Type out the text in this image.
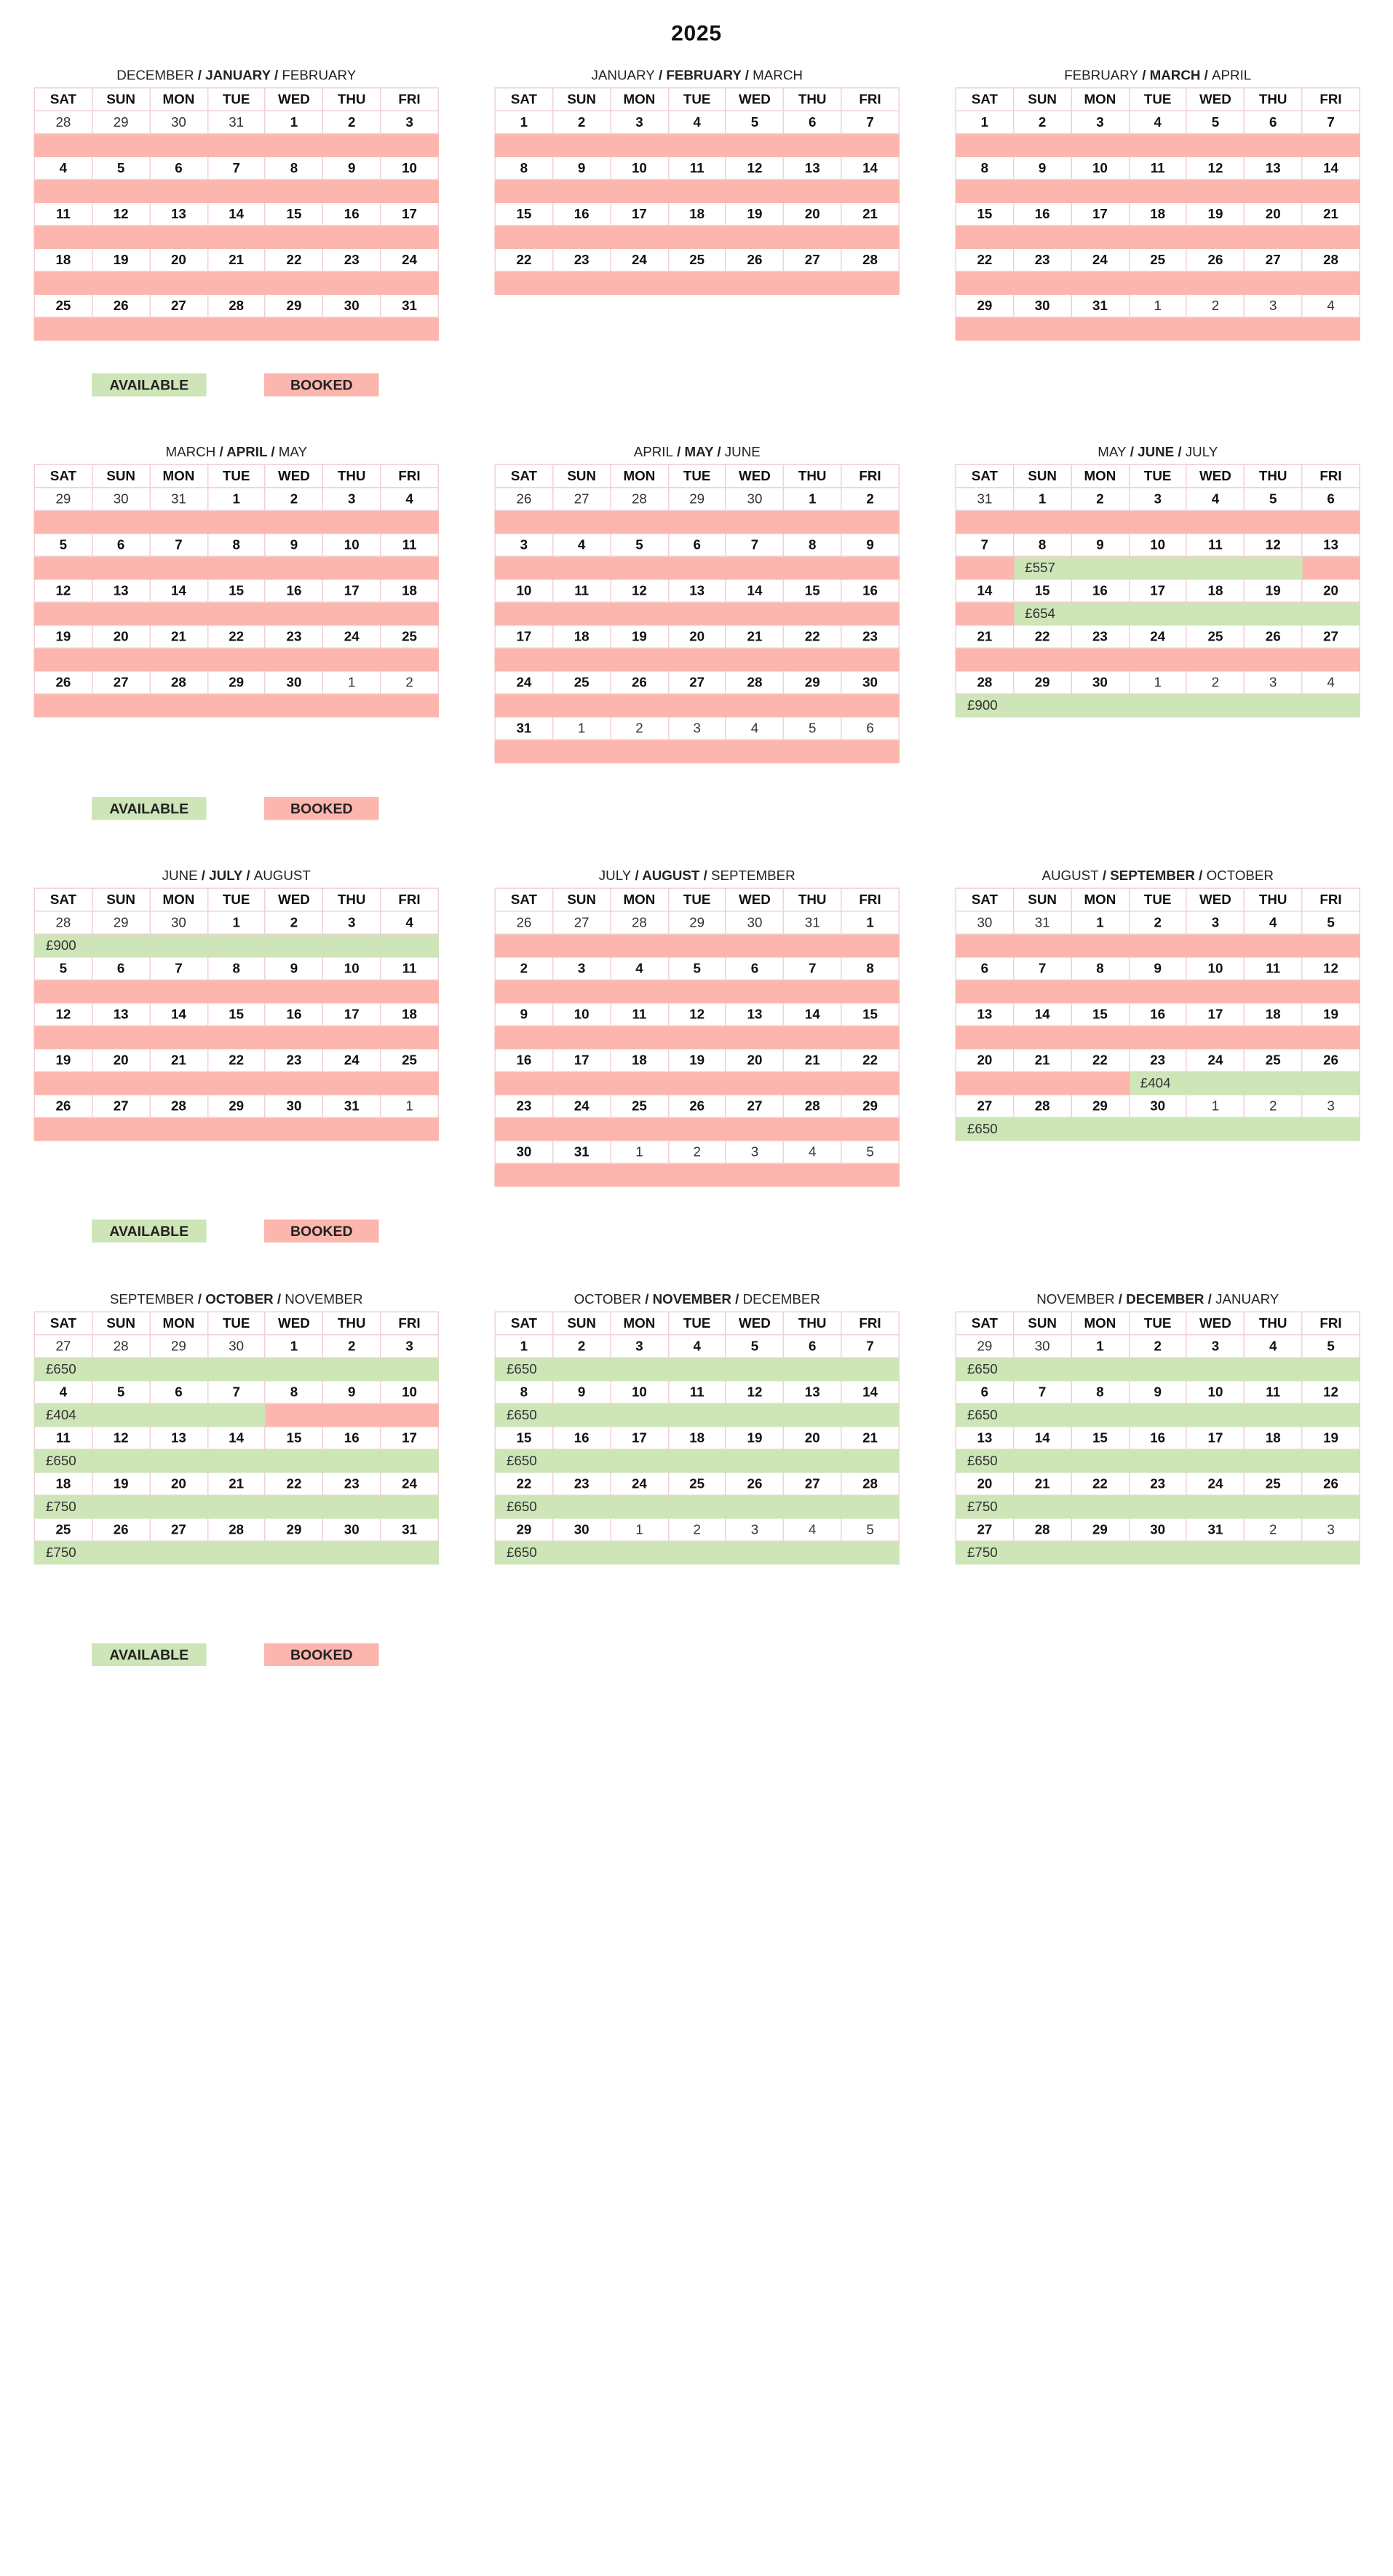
2025
DECEMBER / JANUARY / FEBRUARY
SAT	SUN	MON	TUE	WED	THU	FRI
28	29	30	31	1	2	3

4	5	6	7	8	9	10

11	12	13	14	15	16	17

18	19	20	21	22	23	24

25	26	27	28	29	30	31

JANUARY / FEBRUARY / MARCH
SAT	SUN	MON	TUE	WED	THU	FRI
1	2	3	4	5	6	7

8	9	10	11	12	13	14

15	16	17	18	19	20	21

22	23	24	25	26	27	28

FEBRUARY / MARCH / APRIL
SAT	SUN	MON	TUE	WED	THU	FRI
1	2	3	4	5	6	7

8	9	10	11	12	13	14

15	16	17	18	19	20	21

22	23	24	25	26	27	28

29	30	31	1	2	3	4

MARCH / APRIL / MAY
SAT	SUN	MON	TUE	WED	THU	FRI
29	30	31	1	2	3	4

5	6	7	8	9	10	11

12	13	14	15	16	17	18

19	20	21	22	23	24	25

26	27	28	29	30	1	2

APRIL / MAY / JUNE
SAT	SUN	MON	TUE	WED	THU	FRI
26	27	28	29	30	1	2

3	4	5	6	7	8	9

10	11	12	13	14	15	16

17	18	19	20	21	22	23

24	25	26	27	28	29	30

31	1	2	3	4	5	6

MAY / JUNE / JULY
SAT	SUN	MON	TUE	WED	THU	FRI
31	1	2	3	4	5	6

7	8	9	10	11	12	13
	£557					
14	15	16	17	18	19	20
	£654					
21	22	23	24	25	26	27

28	29	30	1	2	3	4
£900						
JUNE / JULY / AUGUST
SAT	SUN	MON	TUE	WED	THU	FRI
28	29	30	1	2	3	4
£900						
5	6	7	8	9	10	11

12	13	14	15	16	17	18

19	20	21	22	23	24	25

26	27	28	29	30	31	1

JULY / AUGUST / SEPTEMBER
SAT	SUN	MON	TUE	WED	THU	FRI
26	27	28	29	30	31	1

2	3	4	5	6	7	8

9	10	11	12	13	14	15

16	17	18	19	20	21	22

23	24	25	26	27	28	29

30	31	1	2	3	4	5

AUGUST / SEPTEMBER / OCTOBER
SAT	SUN	MON	TUE	WED	THU	FRI
30	31	1	2	3	4	5

6	7	8	9	10	11	12

13	14	15	16	17	18	19

20	21	22	23	24	25	26
			£404			
27	28	29	30	1	2	3
£650						
SEPTEMBER / OCTOBER / NOVEMBER
SAT	SUN	MON	TUE	WED	THU	FRI
27	28	29	30	1	2	3
£650						
4	5	6	7	8	9	10
£404						
11	12	13	14	15	16	17
£650						
18	19	20	21	22	23	24
£750						
25	26	27	28	29	30	31
£750						
OCTOBER / NOVEMBER / DECEMBER
SAT	SUN	MON	TUE	WED	THU	FRI
1	2	3	4	5	6	7
£650						
8	9	10	11	12	13	14
£650						
15	16	17	18	19	20	21
£650						
22	23	24	25	26	27	28
£650						
29	30	1	2	3	4	5
£650						
NOVEMBER / DECEMBER / JANUARY
SAT	SUN	MON	TUE	WED	THU	FRI
29	30	1	2	3	4	5
£650						
6	7	8	9	10	11	12
£650						
13	14	15	16	17	18	19
£650						
20	21	22	23	24	25	26
£750						
27	28	29	30	31	2	3
£750						
AVAILABLE	BOOKED
AVAILABLE	BOOKED
AVAILABLE	BOOKED
AVAILABLE	BOOKED
